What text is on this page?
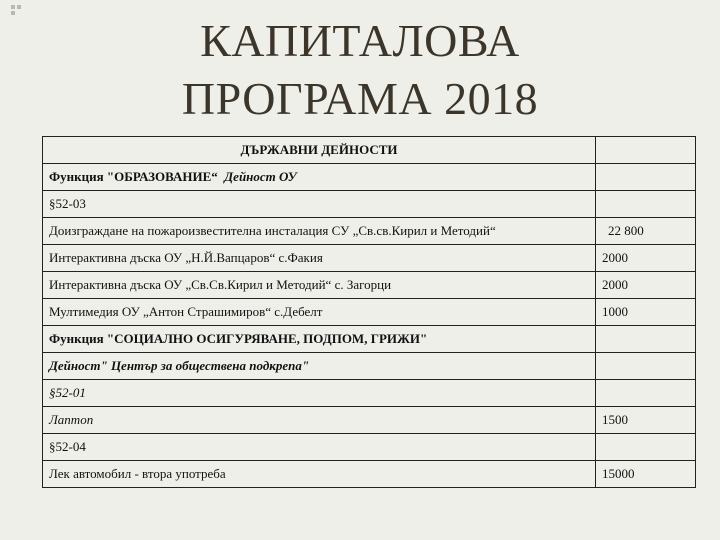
КАПИТАЛОВА
ПРОГРАМА 2018
ДЪРЖАВНИ ДЕЙНОСТИ	
Функция "ОБРАЗОВАНИЕ“ Дейност ОУ	
§52-03	
Доизграждане на пожароизвестителна инсталация СУ „Св.св.Кирил и Методий“	22 800
Интерактивна дъска ОУ „Н.Й.Вапцаров“ с.Факия	2000
Интерактивна дъска ОУ „Св.Св.Кирил и Методий“ с. Загорци	2000
Мултимедия ОУ „Антон Страшимиров“ с.Дебелт	1000
Функция "СОЦИАЛНО ОСИГУРЯВАНЕ, ПОДПОМ, ГРИЖИ"	
Дейност" Център за обществена подкрепа"	
§52-01	
Лаптоп	1500
§52-04	
Лек автомобил - втора употреба	15000
